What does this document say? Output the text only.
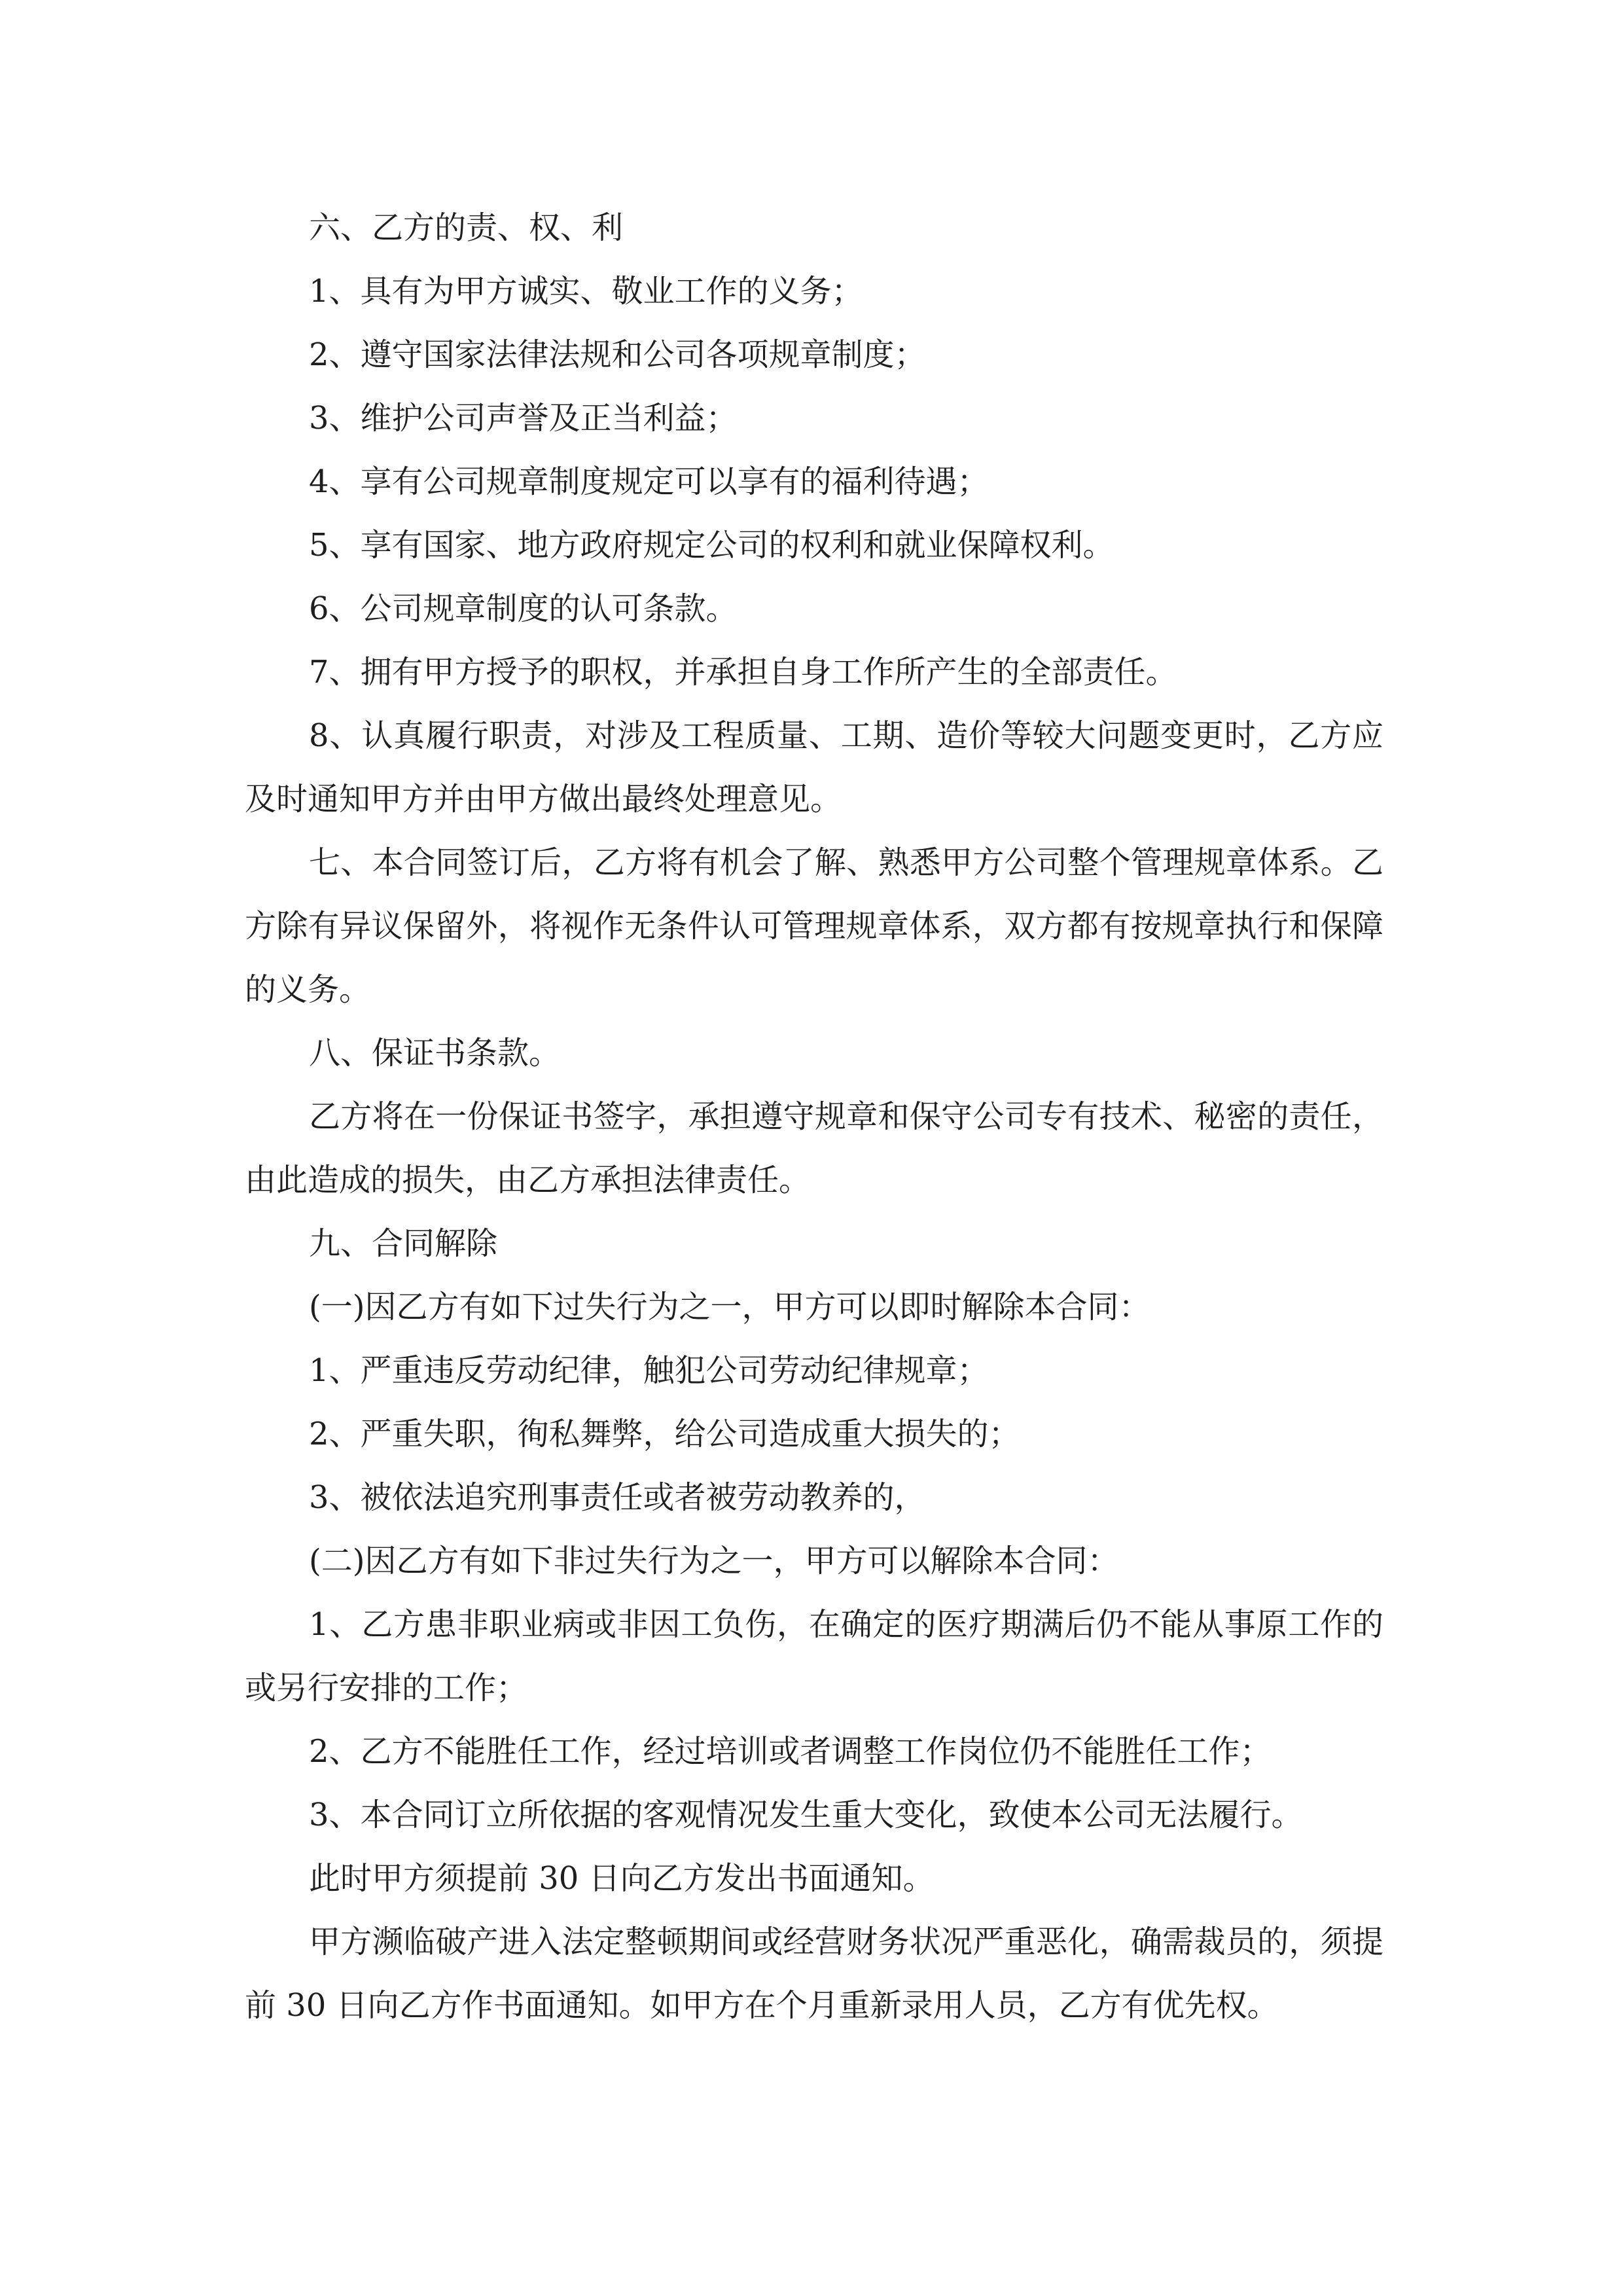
六、乙方的责、权、利

1、具有为甲方诚实、敬业工作的义务；

2、遵守国家法律法规和公司各项规章制度；

3、维护公司声誉及正当利益；

4、享有公司规章制度规定可以享有的福利待遇；

5、享有国家、地方政府规定公司的权利和就业保障权利。

6、公司规章制度的认可条款。

7、拥有甲方授予的职权，并承担自身工作所产生的全部责任。

8、认真履行职责，对涉及工程质量、工期、造价等较大问题变更时，乙方应及时通知甲方并由甲方做出最终处理意见。

七、本合同签订后，乙方将有机会了解、熟悉甲方公司整个管理规章体系。乙方除有异议保留外，将视作无条件认可管理规章体系，双方都有按规章执行和保障的义务。

八、保证书条款。

乙方将在一份保证书签字，承担遵守规章和保守公司专有技术、秘密的责任，由此造成的损失，由乙方承担法律责任。

九、合同解除

(一)因乙方有如下过失行为之一，甲方可以即时解除本合同：

1、严重违反劳动纪律，触犯公司劳动纪律规章；

2、严重失职，徇私舞弊，给公司造成重大损失的；

3、被依法追究刑事责任或者被劳动教养的，

(二)因乙方有如下非过失行为之一，甲方可以解除本合同：

1、乙方患非职业病或非因工负伤，在确定的医疗期满后仍不能从事原工作的或另行安排的工作；

2、乙方不能胜任工作，经过培训或者调整工作岗位仍不能胜任工作；

3、本合同订立所依据的客观情况发生重大变化，致使本公司无法履行。

此时甲方须提前 30 日向乙方发出书面通知。

甲方濒临破产进入法定整顿期间或经营财务状况严重恶化，确需裁员的，须提前 30 日向乙方作书面通知。如甲方在个月重新录用人员，乙方有优先权。
